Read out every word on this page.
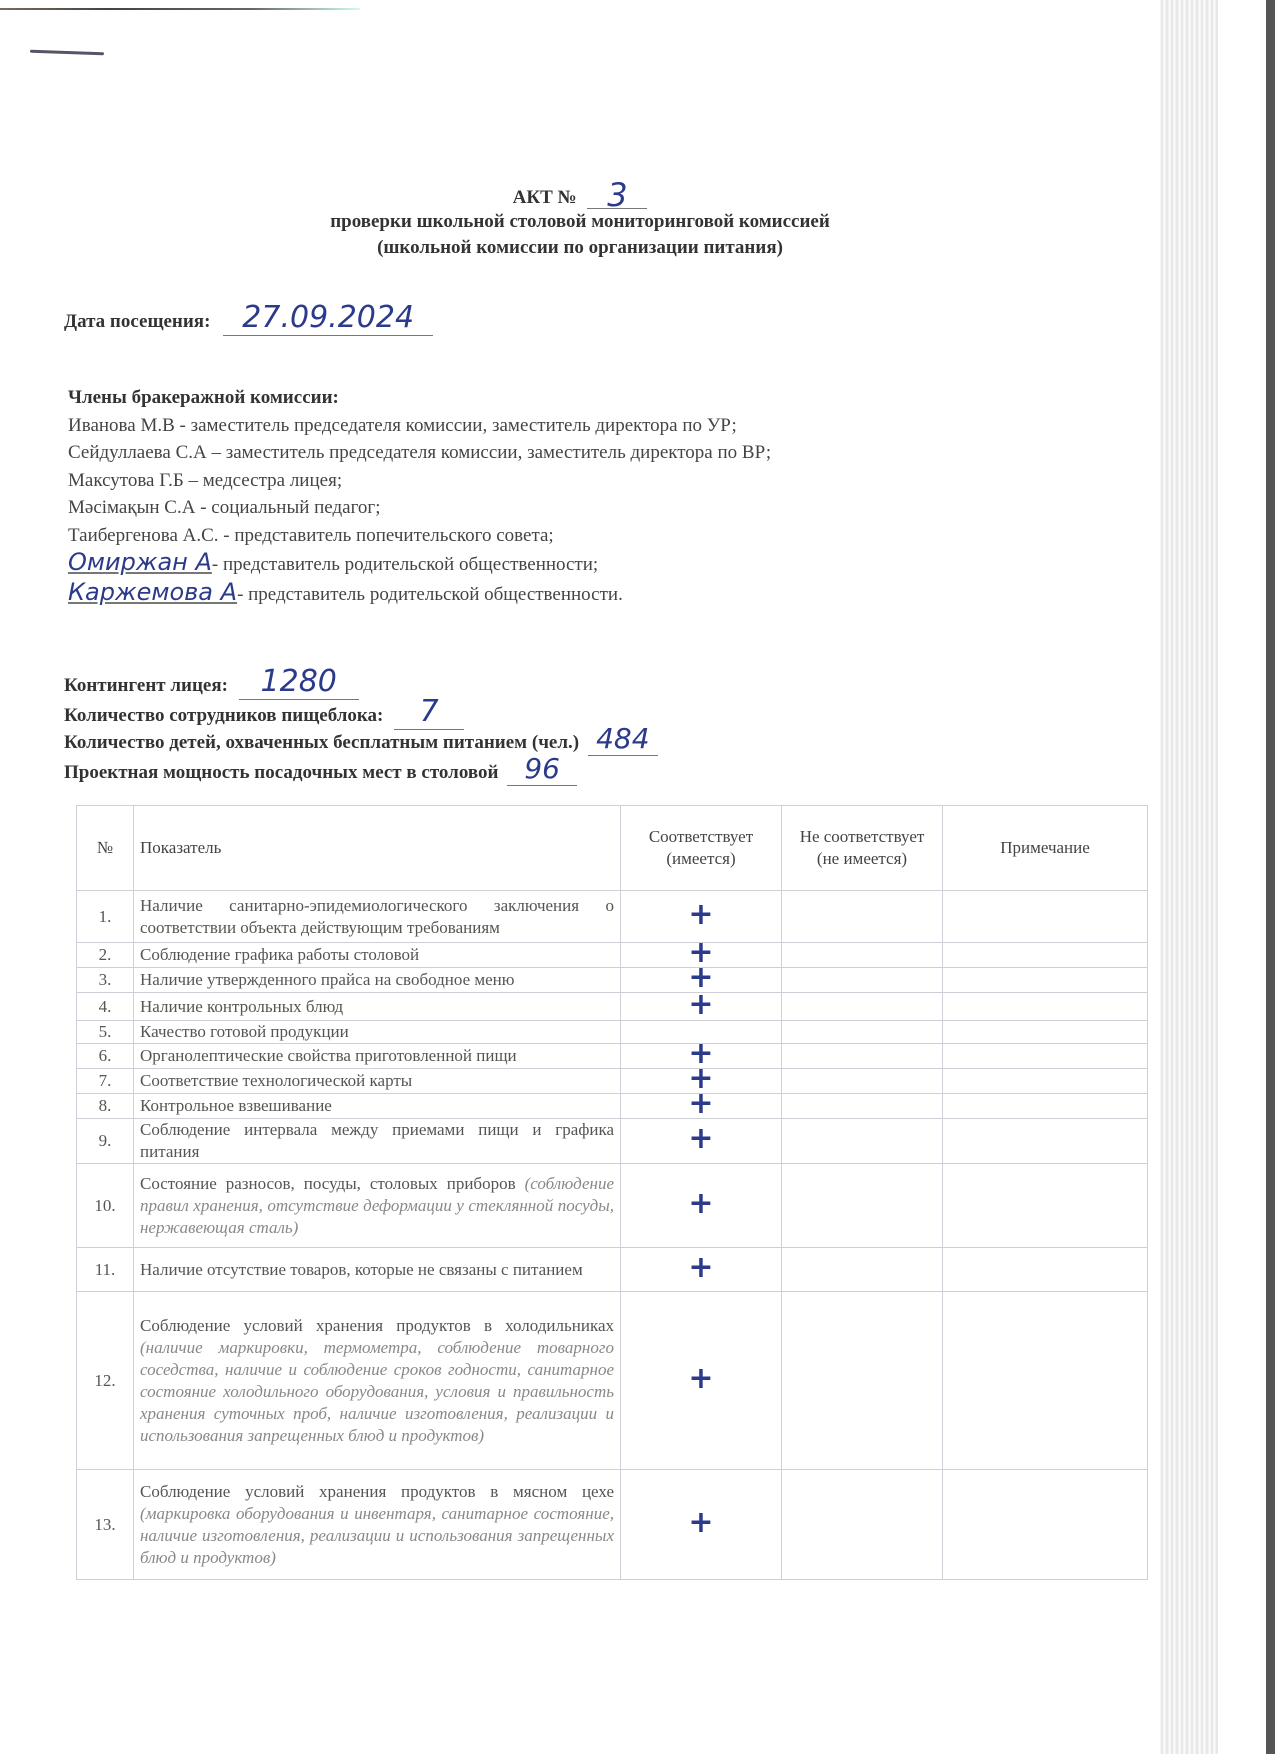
АКТ № 3
проверки школьной столовой мониторинговой комиссией
(школьной комиссии по организации питания)
Дата посещения: 27.09.2024
Члены бракеражной комиссии:
Иванова М.В - заместитель председателя комиссии, заместитель директора по УР;
Сейдуллаева С.А – заместитель председателя комиссии, заместитель директора по ВР;
Максутова Г.Б – медсестра лицея;
Мәсімақын С.А - социальный педагог;
Таибергенова А.С. - представитель попечительского совета;
Омиржан А- представитель родительской общественности;
Каржемова А- представитель родительской общественности.
Контингент лицея: 1280
Количество сотрудников пищеблока: 7
Количество детей, охваченных бесплатным питанием (чел.) 484
Проектная мощность посадочных мест в столовой 96
№	Показатель	Соответствует (имеется)	Не соответствует (не имеется)	Примечание
1.	Наличие санитарно-эпидемиологического заключения о соответствии объекта действующим требованиям	+		
2.	Соблюдение графика работы столовой	+		
3.	Наличие утвержденного прайса на свободное меню	+		
4.	Наличие контрольных блюд	+		
5.	Качество готовой продукции			
6.	Органолептические свойства приготовленной пищи	+		
7.	Соответствие технологической карты	+		
8.	Контрольное взвешивание	+		
9.	Соблюдение интервала между приемами пищи и графика питания	+		
10.	Состояние разносов, посуды, столовых приборов (соблюдение правил хранения, отсутствие деформации у стеклянной посуды, нержавеющая сталь)	+		
11.	Наличие отсутствие товаров, которые не связаны с питанием	+		
12.	Соблюдение условий хранения продуктов в холодильниках (наличие маркировки, термометра, соблюдение товарного соседства, наличие и соблюдение сроков годности, санитарное состояние холодильного оборудования, условия и правильность хранения суточных проб, наличие изготовления, реализации и использования запрещенных блюд и продуктов)	+		
13.	Соблюдение условий хранения продуктов в мясном цехе (маркировка оборудования и инвентаря, санитарное состояние, наличие изготовления, реализации и использования запрещенных блюд и продуктов)	+		
